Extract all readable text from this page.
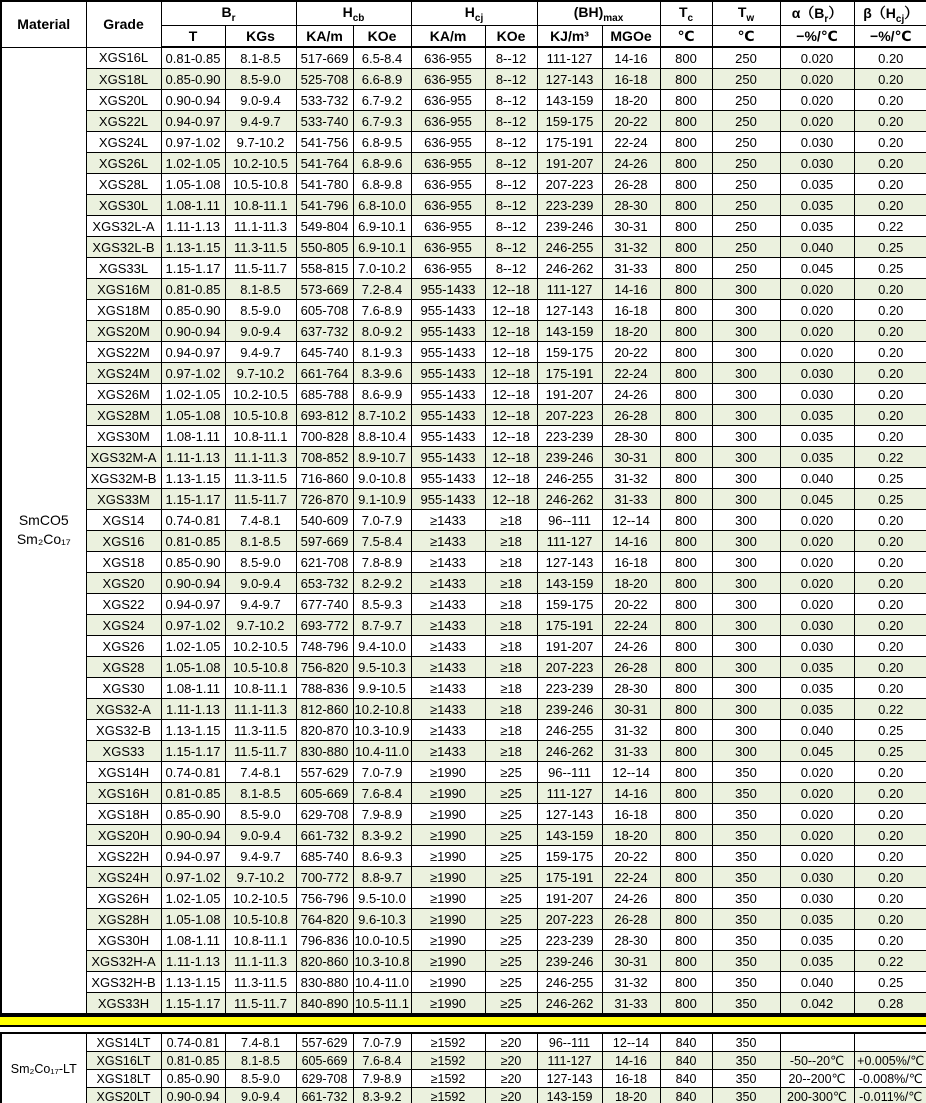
Material	Grade	$B_r$		$H_{cb}$		$H_{cj}$		$(BH)_{max}$		$T_c$	$T_w$	$\alpha(B_r)$	$\beta(H_{cj})$
		T	KGs	KA/m	KOe	KA/m	KOe	KJ/m³	MGOe	℃	℃	−%/℃	−%/℃

SmCO5
Sm₂Co₁₇	XGS16L	0.81-0.85	8.1-8.5	517-669	6.5-8.4	636-955	8--12	111-127	14-16	800	250	0.020	0.20
	XGS18L	0.85-0.90	8.5-9.0	525-708	6.6-8.9	636-955	8--12	127-143	16-18	800	250	0.020	0.20
	XGS20L	0.90-0.94	9.0-9.4	533-732	6.7-9.2	636-955	8--12	143-159	18-20	800	250	0.020	0.20
	XGS22L	0.94-0.97	9.4-9.7	533-740	6.7-9.3	636-955	8--12	159-175	20-22	800	250	0.020	0.20
	XGS24L	0.97-1.02	9.7-10.2	541-756	6.8-9.5	636-955	8--12	175-191	22-24	800	250	0.030	0.20
	XGS26L	1.02-1.05	10.2-10.5	541-764	6.8-9.6	636-955	8--12	191-207	24-26	800	250	0.030	0.20
	XGS28L	1.05-1.08	10.5-10.8	541-780	6.8-9.8	636-955	8--12	207-223	26-28	800	250	0.035	0.20
	XGS30L	1.08-1.11	10.8-11.1	541-796	6.8-10.0	636-955	8--12	223-239	28-30	800	250	0.035	0.20
	XGS32L-A	1.11-1.13	11.1-11.3	549-804	6.9-10.1	636-955	8--12	239-246	30-31	800	250	0.035	0.22
	XGS32L-B	1.13-1.15	11.3-11.5	550-805	6.9-10.1	636-955	8--12	246-255	31-32	800	250	0.040	0.25
	XGS33L	1.15-1.17	11.5-11.7	558-815	7.0-10.2	636-955	8--12	246-262	31-33	800	250	0.045	0.25
	XGS16M	0.81-0.85	8.1-8.5	573-669	7.2-8.4	955-1433	12--18	111-127	14-16	800	300	0.020	0.20
	XGS18M	0.85-0.90	8.5-9.0	605-708	7.6-8.9	955-1433	12--18	127-143	16-18	800	300	0.020	0.20
	XGS20M	0.90-0.94	9.0-9.4	637-732	8.0-9.2	955-1433	12--18	143-159	18-20	800	300	0.020	0.20
	XGS22M	0.94-0.97	9.4-9.7	645-740	8.1-9.3	955-1433	12--18	159-175	20-22	800	300	0.020	0.20
	XGS24M	0.97-1.02	9.7-10.2	661-764	8.3-9.6	955-1433	12--18	175-191	22-24	800	300	0.030	0.20
	XGS26M	1.02-1.05	10.2-10.5	685-788	8.6-9.9	955-1433	12--18	191-207	24-26	800	300	0.030	0.20
	XGS28M	1.05-1.08	10.5-10.8	693-812	8.7-10.2	955-1433	12--18	207-223	26-28	800	300	0.035	0.20
	XGS30M	1.08-1.11	10.8-11.1	700-828	8.8-10.4	955-1433	12--18	223-239	28-30	800	300	0.035	0.20
	XGS32M-A	1.11-1.13	11.1-11.3	708-852	8.9-10.7	955-1433	12--18	239-246	30-31	800	300	0.035	0.22
	XGS32M-B	1.13-1.15	11.3-11.5	716-860	9.0-10.8	955-1433	12--18	246-255	31-32	800	300	0.040	0.25
	XGS33M	1.15-1.17	11.5-11.7	726-870	9.1-10.9	955-1433	12--18	246-262	31-33	800	300	0.045	0.25
	XGS14	0.74-0.81	7.4-8.1	540-609	7.0-7.9	≥1433	≥18	96--111	12--14	800	300	0.020	0.20
	XGS16	0.81-0.85	8.1-8.5	597-669	7.5-8.4	≥1433	≥18	111-127	14-16	800	300	0.020	0.20
	XGS18	0.85-0.90	8.5-9.0	621-708	7.8-8.9	≥1433	≥18	127-143	16-18	800	300	0.020	0.20
	XGS20	0.90-0.94	9.0-9.4	653-732	8.2-9.2	≥1433	≥18	143-159	18-20	800	300	0.020	0.20
	XGS22	0.94-0.97	9.4-9.7	677-740	8.5-9.3	≥1433	≥18	159-175	20-22	800	300	0.020	0.20
	XGS24	0.97-1.02	9.7-10.2	693-772	8.7-9.7	≥1433	≥18	175-191	22-24	800	300	0.030	0.20
	XGS26	1.02-1.05	10.2-10.5	748-796	9.4-10.0	≥1433	≥18	191-207	24-26	800	300	0.030	0.20
	XGS28	1.05-1.08	10.5-10.8	756-820	9.5-10.3	≥1433	≥18	207-223	26-28	800	300	0.035	0.20
	XGS30	1.08-1.11	10.8-11.1	788-836	9.9-10.5	≥1433	≥18	223-239	28-30	800	300	0.035	0.20
	XGS32-A	1.11-1.13	11.1-11.3	812-860	10.2-10.8	≥1433	≥18	239-246	30-31	800	300	0.035	0.22
	XGS32-B	1.13-1.15	11.3-11.5	820-870	10.3-10.9	≥1433	≥18	246-255	31-32	800	300	0.040	0.25
	XGS33	1.15-1.17	11.5-11.7	830-880	10.4-11.0	≥1433	≥18	246-262	31-33	800	300	0.045	0.25
	XGS14H	0.74-0.81	7.4-8.1	557-629	7.0-7.9	≥1990	≥25	96--111	12--14	800	350	0.020	0.20
	XGS16H	0.81-0.85	8.1-8.5	605-669	7.6-8.4	≥1990	≥25	111-127	14-16	800	350	0.020	0.20
	XGS18H	0.85-0.90	8.5-9.0	629-708	7.9-8.9	≥1990	≥25	127-143	16-18	800	350	0.020	0.20
	XGS20H	0.90-0.94	9.0-9.4	661-732	8.3-9.2	≥1990	≥25	143-159	18-20	800	350	0.020	0.20
	XGS22H	0.94-0.97	9.4-9.7	685-740	8.6-9.3	≥1990	≥25	159-175	20-22	800	350	0.020	0.20
	XGS24H	0.97-1.02	9.7-10.2	700-772	8.8-9.7	≥1990	≥25	175-191	22-24	800	350	0.030	0.20
	XGS26H	1.02-1.05	10.2-10.5	756-796	9.5-10.0	≥1990	≥25	191-207	24-26	800	350	0.030	0.20
	XGS28H	1.05-1.08	10.5-10.8	764-820	9.6-10.3	≥1990	≥25	207-223	26-28	800	350	0.035	0.20
	XGS30H	1.08-1.11	10.8-11.1	796-836	10.0-10.5	≥1990	≥25	223-239	28-30	800	350	0.035	0.20
	XGS32H-A	1.11-1.13	11.1-11.3	820-860	10.3-10.8	≥1990	≥25	239-246	30-31	800	350	0.035	0.22
	XGS32H-B	1.13-1.15	11.3-11.5	830-880	10.4-11.0	≥1990	≥25	246-255	31-32	800	350	0.040	0.25
	XGS33H	1.15-1.17	11.5-11.7	840-890	10.5-11.1	≥1990	≥25	246-262	31-33	800	350	0.042	0.28
Sm₂Co₁₇-LT	XGS14LT	0.74-0.81	7.4-8.1	557-629	7.0-7.9	≥1592	≥20	96--111	12--14	840	350		
	XGS16LT	0.81-0.85	8.1-8.5	605-669	7.6-8.4	≥1592	≥20	111-127	14-16	840	350	-50--20℃	+0.005%/℃
	XGS18LT	0.85-0.90	8.5-9.0	629-708	7.9-8.9	≥1592	≥20	127-143	16-18	840	350	20--200℃	-0.008%/℃
	XGS20LT	0.90-0.94	9.0-9.4	661-732	8.3-9.2	≥1592	≥20	143-159	18-20	840	350	200-300℃	-0.011%/℃
